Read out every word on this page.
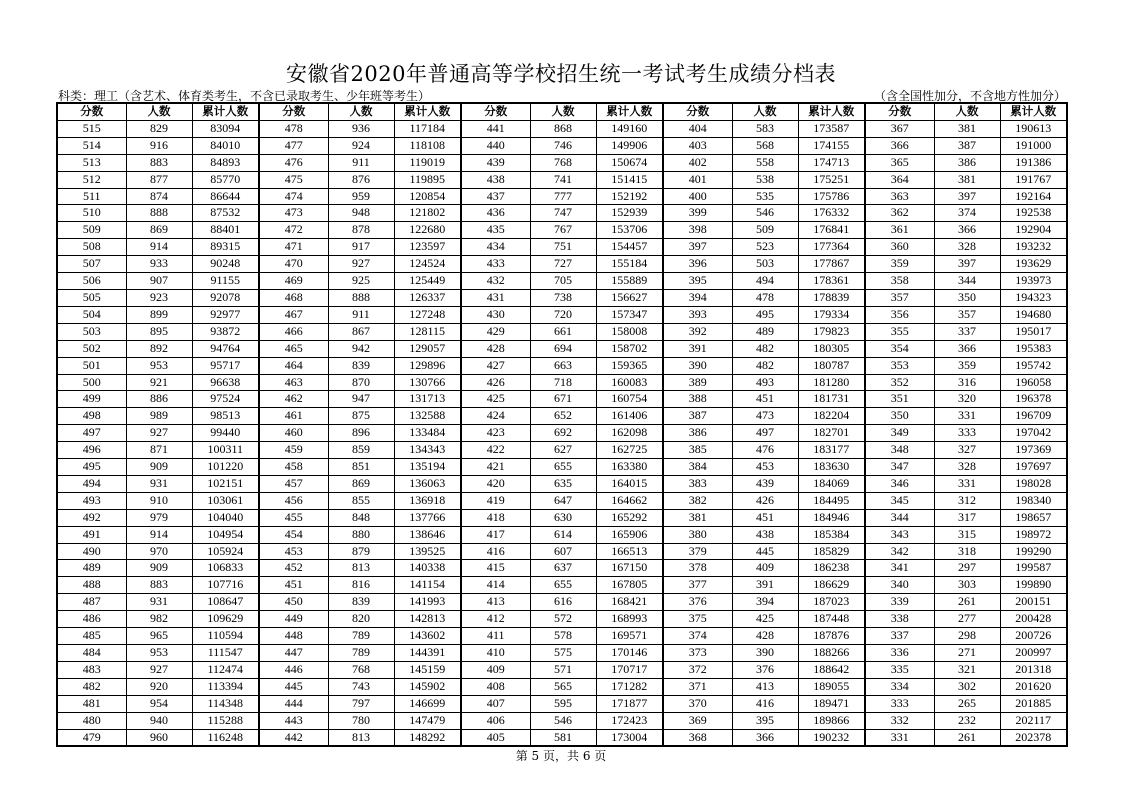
安徽省2020年普通高等学校招生统一考试考生成绩分档表
科类：理工（含艺术、体育类考生，不含已录取考生、少年班等考生）	（含全国性加分，不含地方性加分）
分数	人数	累计人数	分数	人数	累计人数	分数	人数	累计人数	分数	人数	累计人数	分数	人数	累计人数
515	829	83094	478	936	117184	441	868	149160	404	583	173587	367	381	190613
514	916	84010	477	924	118108	440	746	149906	403	568	174155	366	387	191000
513	883	84893	476	911	119019	439	768	150674	402	558	174713	365	386	191386
512	877	85770	475	876	119895	438	741	151415	401	538	175251	364	381	191767
511	874	86644	474	959	120854	437	777	152192	400	535	175786	363	397	192164
510	888	87532	473	948	121802	436	747	152939	399	546	176332	362	374	192538
509	869	88401	472	878	122680	435	767	153706	398	509	176841	361	366	192904
508	914	89315	471	917	123597	434	751	154457	397	523	177364	360	328	193232
507	933	90248	470	927	124524	433	727	155184	396	503	177867	359	397	193629
506	907	91155	469	925	125449	432	705	155889	395	494	178361	358	344	193973
505	923	92078	468	888	126337	431	738	156627	394	478	178839	357	350	194323
504	899	92977	467	911	127248	430	720	157347	393	495	179334	356	357	194680
503	895	93872	466	867	128115	429	661	158008	392	489	179823	355	337	195017
502	892	94764	465	942	129057	428	694	158702	391	482	180305	354	366	195383
501	953	95717	464	839	129896	427	663	159365	390	482	180787	353	359	195742
500	921	96638	463	870	130766	426	718	160083	389	493	181280	352	316	196058
499	886	97524	462	947	131713	425	671	160754	388	451	181731	351	320	196378
498	989	98513	461	875	132588	424	652	161406	387	473	182204	350	331	196709
497	927	99440	460	896	133484	423	692	162098	386	497	182701	349	333	197042
496	871	100311	459	859	134343	422	627	162725	385	476	183177	348	327	197369
495	909	101220	458	851	135194	421	655	163380	384	453	183630	347	328	197697
494	931	102151	457	869	136063	420	635	164015	383	439	184069	346	331	198028
493	910	103061	456	855	136918	419	647	164662	382	426	184495	345	312	198340
492	979	104040	455	848	137766	418	630	165292	381	451	184946	344	317	198657
491	914	104954	454	880	138646	417	614	165906	380	438	185384	343	315	198972
490	970	105924	453	879	139525	416	607	166513	379	445	185829	342	318	199290
489	909	106833	452	813	140338	415	637	167150	378	409	186238	341	297	199587
488	883	107716	451	816	141154	414	655	167805	377	391	186629	340	303	199890
487	931	108647	450	839	141993	413	616	168421	376	394	187023	339	261	200151
486	982	109629	449	820	142813	412	572	168993	375	425	187448	338	277	200428
485	965	110594	448	789	143602	411	578	169571	374	428	187876	337	298	200726
484	953	111547	447	789	144391	410	575	170146	373	390	188266	336	271	200997
483	927	112474	446	768	145159	409	571	170717	372	376	188642	335	321	201318
482	920	113394	445	743	145902	408	565	171282	371	413	189055	334	302	201620
481	954	114348	444	797	146699	407	595	171877	370	416	189471	333	265	201885
480	940	115288	443	780	147479	406	546	172423	369	395	189866	332	232	202117
479	960	116248	442	813	148292	405	581	173004	368	366	190232	331	261	202378
第 5 页，共 6 页
